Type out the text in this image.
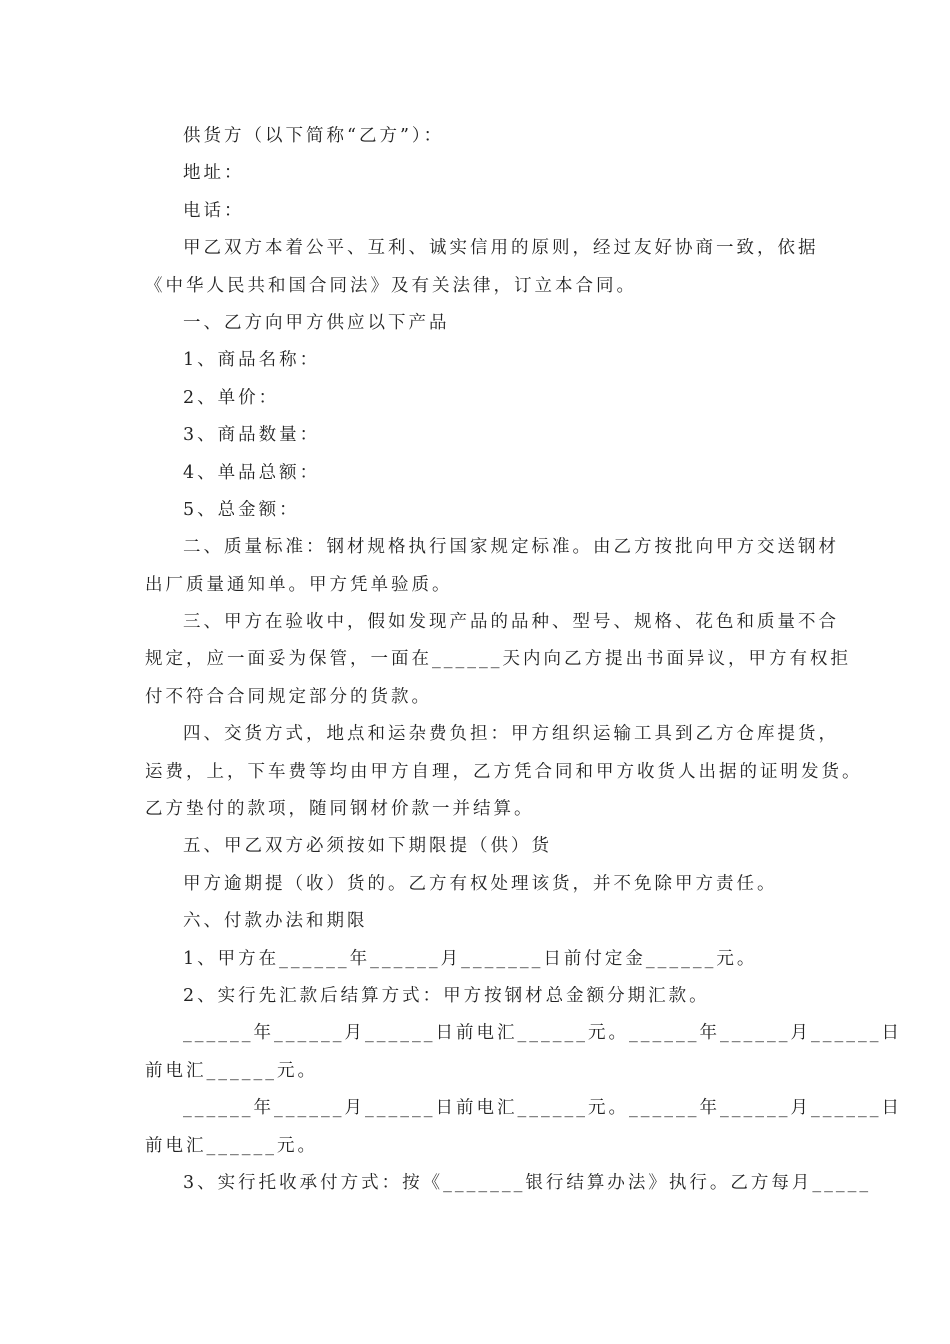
供货方（以下简称“乙方”）：

地址：

电话：

甲乙双方本着公平、互利、诚实信用的原则，经过友好协商一致，依据

《中华人民共和国合同法》及有关法律，订立本合同。

一、乙方向甲方供应以下产品

1、商品名称：

2、单价：

3、商品数量：

4、单品总额：

5、总金额：

二、质量标准：钢材规格执行国家规定标准。由乙方按批向甲方交送钢材

出厂质量通知单。甲方凭单验质。

三、甲方在验收中，假如发现产品的品种、型号、规格、花色和质量不合

规定，应一面妥为保管，一面在______天内向乙方提出书面异议，甲方有权拒

付不符合合同规定部分的货款。

四、交货方式，地点和运杂费负担：甲方组织运输工具到乙方仓库提货，

运费，上，下车费等均由甲方自理，乙方凭合同和甲方收货人出据的证明发货。

乙方垫付的款项，随同钢材价款一并结算。

五、甲乙双方必须按如下期限提（供）货

甲方逾期提（收）货的。乙方有权处理该货，并不免除甲方责任。

六、付款办法和期限

1、甲方在______年______月_______日前付定金______元。

2、实行先汇款后结算方式：甲方按钢材总金额分期汇款。

______年______月______日前电汇______元。______年______月______日

前电汇______元。

______年______月______日前电汇______元。______年______月______日

前电汇______元。

3、实行托收承付方式：按《_______银行结算办法》执行。乙方每月_____
